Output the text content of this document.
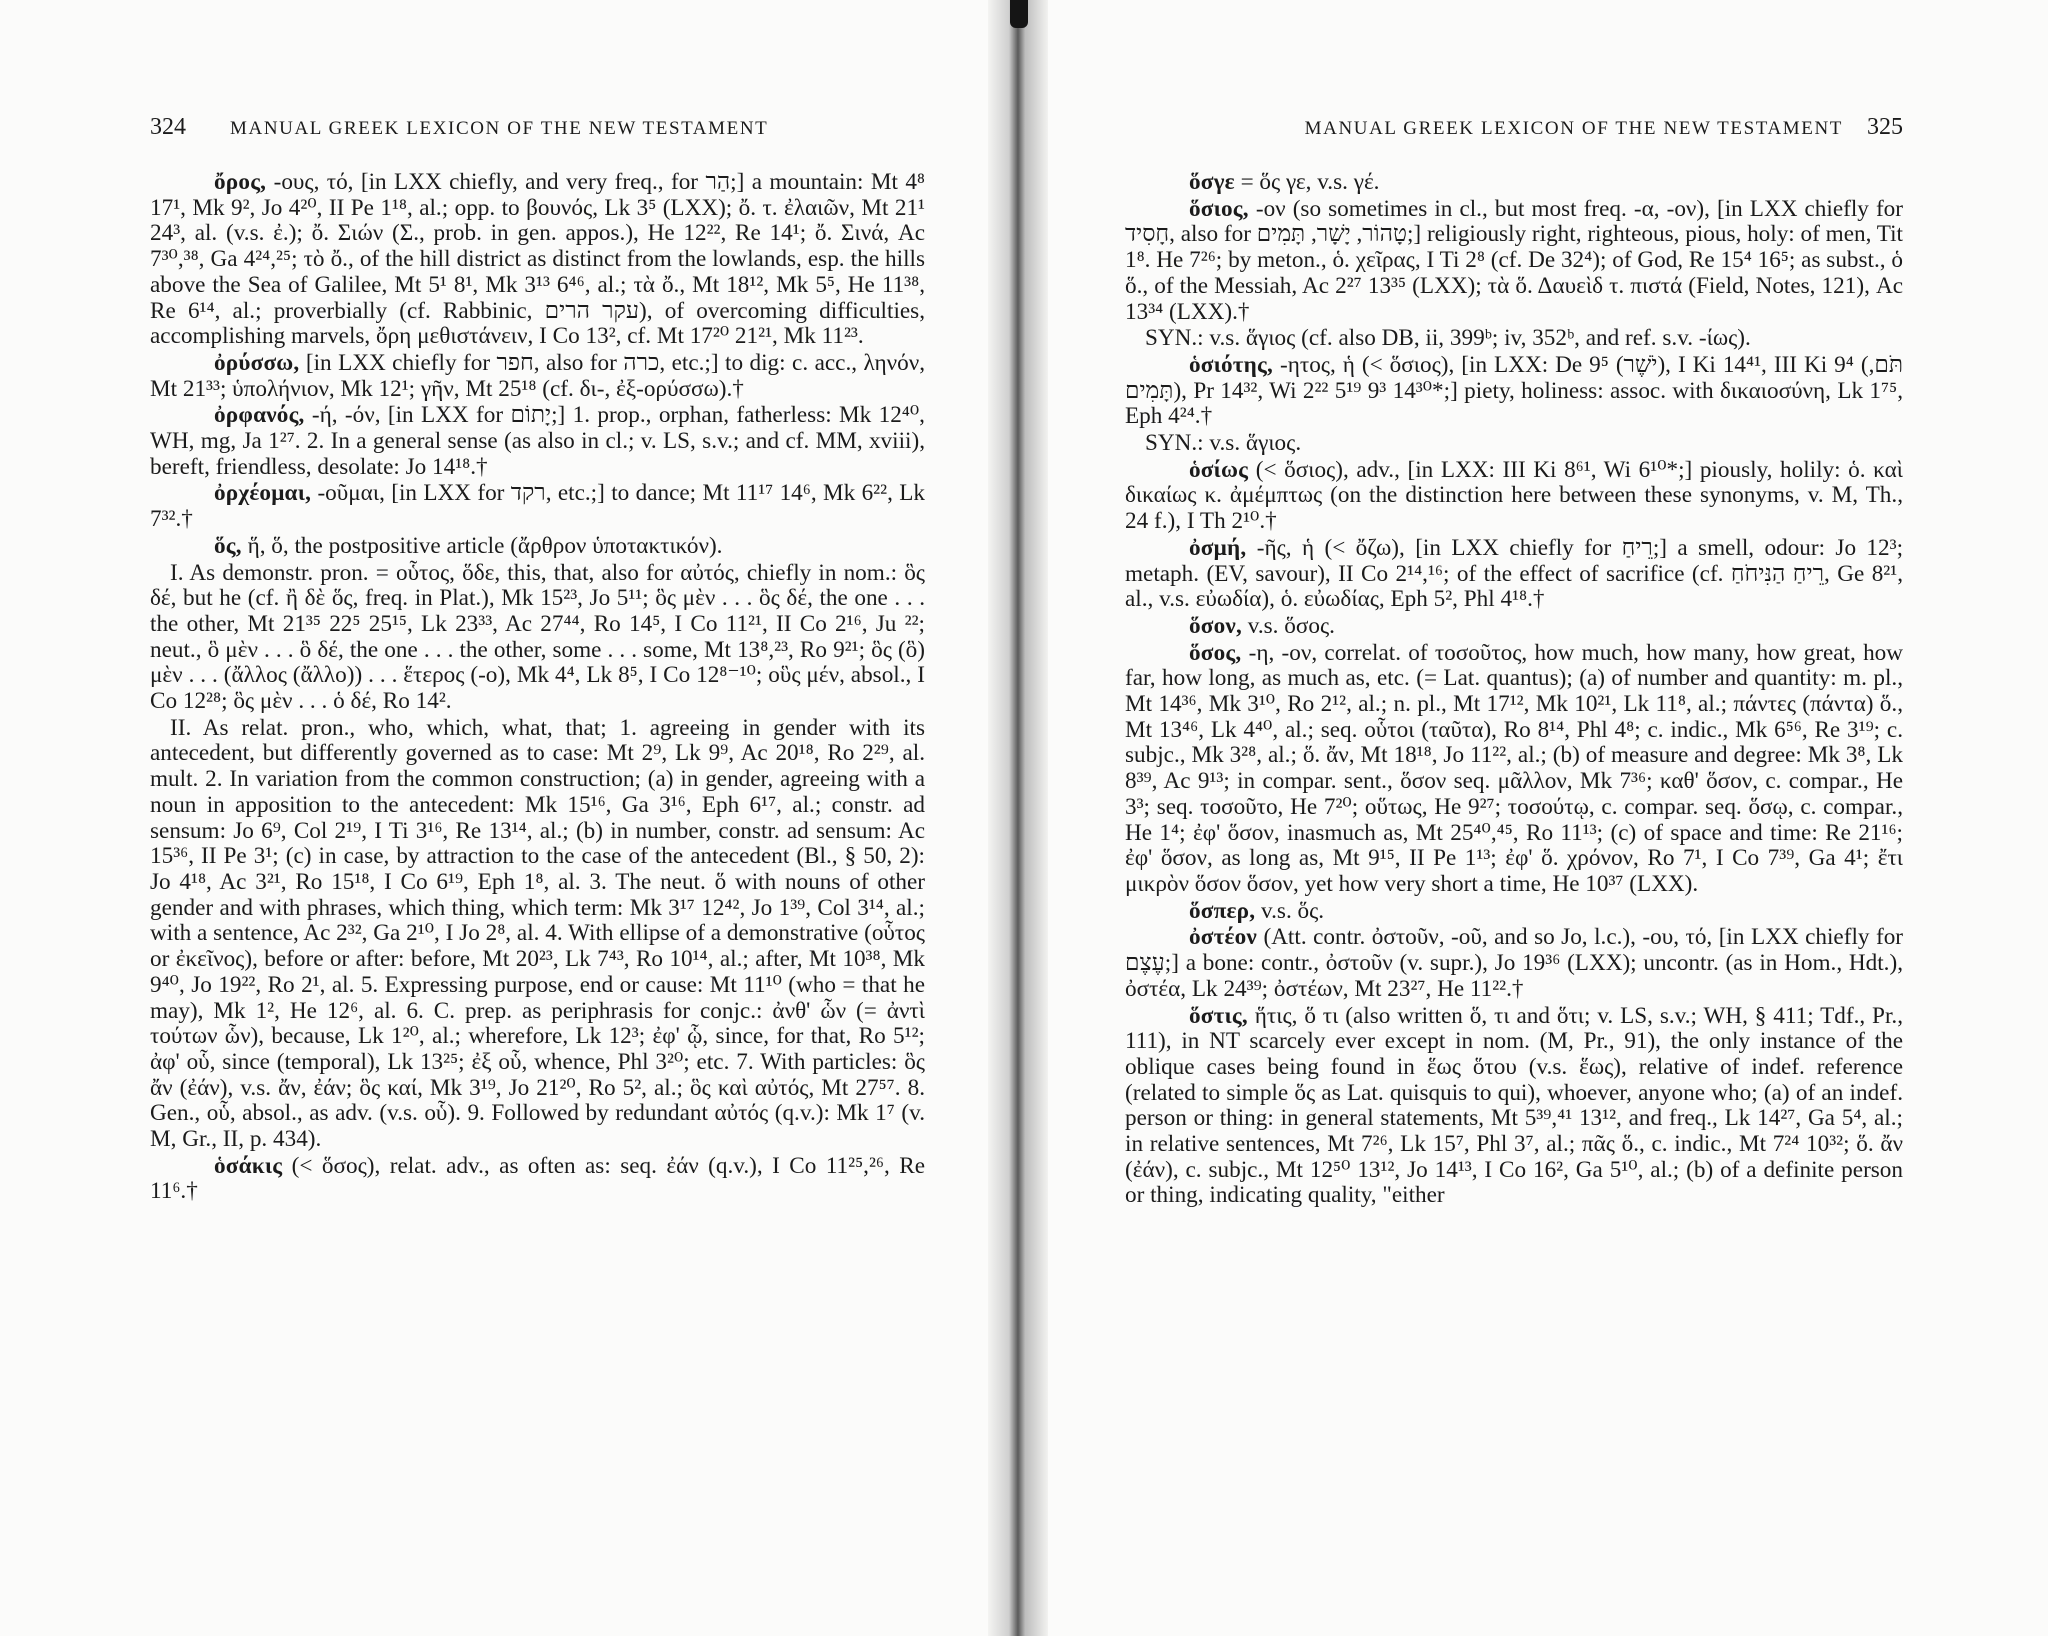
324 MANUAL GREEK LEXICON OF THE NEW TESTAMENT

ὄρος, -ους, τό, [in LXX chiefly, and very freq., for הַר;] a mountain: Mt 4⁸ 17¹, Mk 9², Jo 4²⁰, II Pe 1¹⁸, al.; opp. to βουνός, Lk 3⁵ (LXX); ὄ. τ. ἐλαιῶν, Mt 21¹ 24³, al. (v.s. ἐ.); ὄ. Σιών (Σ., prob. in gen. appos.), He 12²², Re 14¹; ὄ. Σινά, Ac 7³⁰,³⁸, Ga 4²⁴,²⁵; τὸ ὄ., of the hill district as distinct from the lowlands, esp. the hills above the Sea of Galilee, Mt 5¹ 8¹, Mk 3¹³ 6⁴⁶, al.; τὰ ὄ., Mt 18¹², Mk 5⁵, He 11³⁸, Re 6¹⁴, al.; proverbially (cf. Rabbinic, עקר הרים), of overcoming difficulties, accomplishing marvels, ὄρη μεθιστάνειν, I Co 13², cf. Mt 17²⁰ 21²¹, Mk 11²³.

ὀρύσσω, [in LXX chiefly for חפר, also for כרה, etc.;] to dig: c. acc., ληνόν, Mt 21³³; ὑπολήνιον, Mk 12¹; γῆν, Mt 25¹⁸ (cf. δι-, ἐξ-ορύσσω).†

ὀρφανός, -ή, -όν, [in LXX for יָתוֹם;] 1. prop., orphan, fatherless: Mk 12⁴⁰, WH, mg, Ja 1²⁷. 2. In a general sense (as also in cl.; v. LS, s.v.; and cf. MM, xviii), bereft, friendless, desolate: Jo 14¹⁸.†

ὀρχέομαι, -οῦμαι, [in LXX for רקד, etc.;] to dance; Mt 11¹⁷ 14⁶, Mk 6²², Lk 7³².†

ὅς, ἥ, ὅ, the postpositive article (ἄρθρον ὑποτακτικόν).

I. As demonstr. pron. = οὗτος, ὅδε, this, that, also for αὐτός, chiefly in nom.: ὃς δέ, but he (cf. ἢ δὲ ὅς, freq. in Plat.), Mk 15²³, Jo 5¹¹; ὃς μὲν . . . ὃς δέ, the one . . . the other, Mt 21³⁵ 22⁵ 25¹⁵, Lk 23³³, Ac 27⁴⁴, Ro 14⁵, I Co 11²¹, II Co 2¹⁶, Ju ²²; neut., ὃ μὲν . . . ὃ δέ, the one . . . the other, some . . . some, Mt 13⁸,²³, Ro 9²¹; ὃς (ὃ) μὲν . . . (ἄλλος (ἄλλο)) . . . ἕτερος (-ο), Mk 4⁴, Lk 8⁵, I Co 12⁸⁻¹⁰; οὓς μέν, absol., I Co 12²⁸; ὃς μὲν . . . ὁ δέ, Ro 14².

II. As relat. pron., who, which, what, that; 1. agreeing in gender with its antecedent, but differently governed as to case: Mt 2⁹, Lk 9⁹, Ac 20¹⁸, Ro 2²⁹, al. mult. 2. In variation from the common construction; (a) in gender, agreeing with a noun in apposition to the antecedent: Mk 15¹⁶, Ga 3¹⁶, Eph 6¹⁷, al.; constr. ad sensum: Jo 6⁹, Col 2¹⁹, I Ti 3¹⁶, Re 13¹⁴, al.; (b) in number, constr. ad sensum: Ac 15³⁶, II Pe 3¹; (c) in case, by attraction to the case of the antecedent (Bl., § 50, 2): Jo 4¹⁸, Ac 3²¹, Ro 15¹⁸, I Co 6¹⁹, Eph 1⁸, al. 3. The neut. ὅ with nouns of other gender and with phrases, which thing, which term: Mk 3¹⁷ 12⁴², Jo 1³⁹, Col 3¹⁴, al.; with a sentence, Ac 2³², Ga 2¹⁰, I Jo 2⁸, al. 4. With ellipse of a demonstrative (οὗτος or ἐκεῖνος), before or after: before, Mt 20²³, Lk 7⁴³, Ro 10¹⁴, al.; after, Mt 10³⁸, Mk 9⁴⁰, Jo 19²², Ro 2¹, al. 5. Expressing purpose, end or cause: Mt 11¹⁰ (who = that he may), Mk 1², He 12⁶, al. 6. C. prep. as periphrasis for conjc.: ἀνθ' ὧν (= ἀντὶ τούτων ὧν), because, Lk 1²⁰, al.; wherefore, Lk 12³; ἐφ' ᾧ, since, for that, Ro 5¹²; ἀφ' οὗ, since (temporal), Lk 13²⁵; ἐξ οὗ, whence, Phl 3²⁰; etc. 7. With particles: ὃς ἄν (ἐάν), v.s. ἄν, ἐάν; ὃς καί, Mk 3¹⁹, Jo 21²⁰, Ro 5², al.; ὃς καὶ αὐτός, Mt 27⁵⁷. 8. Gen., οὗ, absol., as adv. (v.s. οὗ). 9. Followed by redundant αὐτός (q.v.): Mk 1⁷ (v. M, Gr., II, p. 434).

ὁσάκις (< ὅσος), relat. adv., as often as: seq. ἐάν (q.v.), I Co 11²⁵,²⁶, Re 11⁶.†

MANUAL GREEK LEXICON OF THE NEW TESTAMENT 325

ὅσγε = ὅς γε, v.s. γέ.

ὅσιος, -ον (so sometimes in cl., but most freq. -α, -ον), [in LXX chiefly for חָסִיד, also for טָהוֹר, יָשָׁר, תָּמִים;] religiously right, righteous, pious, holy: of men, Tit 1⁸. He 7²⁶; by meton., ὁ. χεῖρας, I Ti 2⁸ (cf. De 32⁴); of God, Re 15⁴ 16⁵; as subst., ὁ ὅ., of the Messiah, Ac 2²⁷ 13³⁵ (LXX); τὰ ὅ. Δαυεὶδ τ. πιστά (Field, Notes, 121), Ac 13³⁴ (LXX).†

SYN.: v.s. ἅγιος (cf. also DB, ii, 399ᵇ; iv, 352ᵇ, and ref. s.v. -ίως).

ὁσιότης, -ητος, ἡ (< ὅσιος), [in LXX: De 9⁵ (יֹשֶׁר), I Ki 14⁴¹, III Ki 9⁴ (תֹּם, תָּמִים), Pr 14³², Wi 2²² 5¹⁹ 9³ 14³⁰*;] piety, holiness: assoc. with δικαιοσύνη, Lk 1⁷⁵, Eph 4²⁴.†

SYN.: v.s. ἅγιος.

ὁσίως (< ὅσιος), adv., [in LXX: III Ki 8⁶¹, Wi 6¹⁰*;] piously, holily: ὁ. καὶ δικαίως κ. ἀμέμπτως (on the distinction here between these synonyms, v. M, Th., 24 f.), I Th 2¹⁰.†

ὀσμή, -ῆς, ἡ (< ὄζω), [in LXX chiefly for רֵיחַ;] a smell, odour: Jo 12³; metaph. (EV, savour), II Co 2¹⁴,¹⁶; of the effect of sacrifice (cf. רֵיחַ הַנִּיחֹחַ, Ge 8²¹, al., v.s. εὐωδία), ὁ. εὐωδίας, Eph 5², Phl 4¹⁸.†

ὅσον, v.s. ὅσος.

ὅσος, -η, -ον, correlat. of τοσοῦτος, how much, how many, how great, how far, how long, as much as, etc. (= Lat. quantus); (a) of number and quantity: m. pl., Mt 14³⁶, Mk 3¹⁰, Ro 2¹², al.; n. pl., Mt 17¹², Mk 10²¹, Lk 11⁸, al.; πάντες (πάντα) ὅ., Mt 13⁴⁶, Lk 4⁴⁰, al.; seq. οὗτοι (ταῦτα), Ro 8¹⁴, Phl 4⁸; c. indic., Mk 6⁵⁶, Re 3¹⁹; c. subjc., Mk 3²⁸, al.; ὅ. ἄν, Mt 18¹⁸, Jo 11²², al.; (b) of measure and degree: Mk 3⁸, Lk 8³⁹, Ac 9¹³; in compar. sent., ὅσον seq. μᾶλλον, Mk 7³⁶; καθ' ὅσον, c. compar., He 3³; seq. τοσοῦτο, He 7²⁰; οὕτως, He 9²⁷; τοσούτῳ, c. compar. seq. ὅσῳ, c. compar., He 1⁴; ἐφ' ὅσον, inasmuch as, Mt 25⁴⁰,⁴⁵, Ro 11¹³; (c) of space and time: Re 21¹⁶; ἐφ' ὅσον, as long as, Mt 9¹⁵, II Pe 1¹³; ἐφ' ὅ. χρόνον, Ro 7¹, I Co 7³⁹, Ga 4¹; ἔτι μικρὸν ὅσον ὅσον, yet how very short a time, He 10³⁷ (LXX).

ὅσπερ, v.s. ὅς.

ὀστέον (Att. contr. ὀστοῦν, -οῦ, and so Jo, l.c.), -ου, τό, [in LXX chiefly for עֶצֶם;] a bone: contr., ὀστοῦν (v. supr.), Jo 19³⁶ (LXX); uncontr. (as in Hom., Hdt.), ὀστέα, Lk 24³⁹; ὀστέων, Mt 23²⁷, He 11²².†

ὅστις, ἥτις, ὅ τι (also written ὅ, τι and ὅτι; v. LS, s.v.; WH, § 411; Tdf., Pr., 111), in NT scarcely ever except in nom. (M, Pr., 91), the only instance of the oblique cases being found in ἕως ὅτου (v.s. ἕως), relative of indef. reference (related to simple ὅς as Lat. quisquis to qui), whoever, anyone who; (a) of an indef. person or thing: in general statements, Mt 5³⁹,⁴¹ 13¹², and freq., Lk 14²⁷, Ga 5⁴, al.; in relative sentences, Mt 7²⁶, Lk 15⁷, Phl 3⁷, al.; πᾶς ὅ., c. indic., Mt 7²⁴ 10³²; ὅ. ἄν (ἐάν), c. subjc., Mt 12⁵⁰ 13¹², Jo 14¹³, I Co 16², Ga 5¹⁰, al.; (b) of a definite person or thing, indicating quality, "either
